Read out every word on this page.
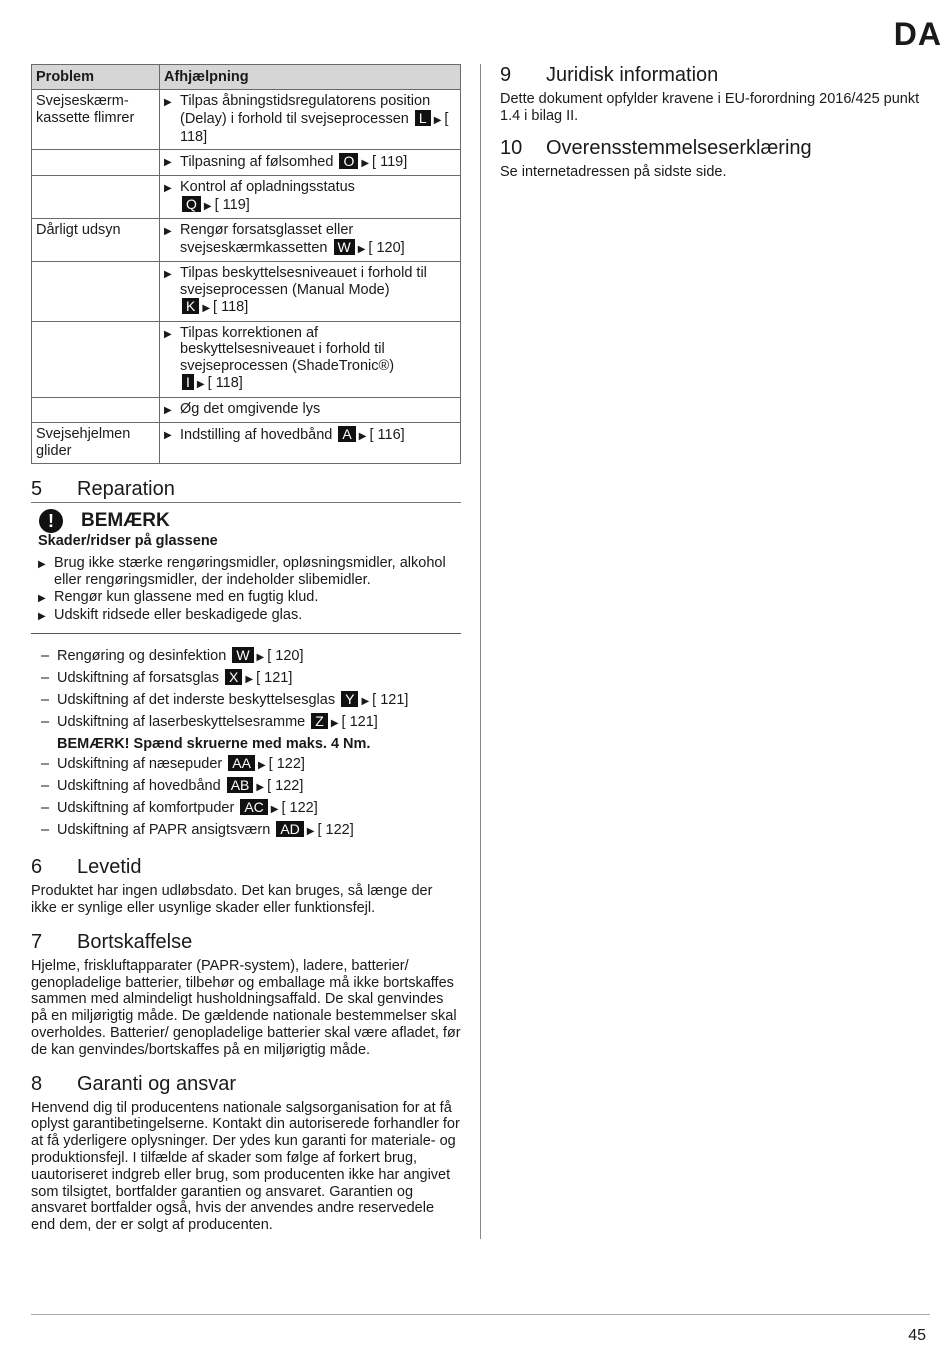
DA
Problem	Afhjælpning
Svejseskærm-
kassette flimrer	▶ Tilpas åbningstidsregulatorens position (Delay) i forhold til svejseprocessen L ▶ [ 118]

	▶ Tilpasning af følsomhed O ▶ [ 119]

	▶ Kontrol af opladningsstatus
Q ▶ [ 119]

Dårligt udsyn	▶ Rengør forsatsglasset eller svejseskærmkassetten W ▶ [ 120]

	▶ Tilpas beskyttelsesniveauet i forhold til svejseprocessen (Manual Mode)
K ▶ [ 118]

	▶ Tilpas korrektionen af beskyttelsesniveauet i forhold til svejseprocessen (ShadeTronic®)
I ▶ [ 118]

	▶ Øg det omgivende lys

Svejsehjelmen glider	▶ Indstilling af hovedbånd A ▶ [ 116]
5	Reparation
!	BEMÆRK
Skader/ridser på glassene
▶ Brug ikke stærke rengøringsmidler, opløsningsmidler, alkohol eller rengøringsmidler, der indeholder slibemidler.
▶ Rengør kun glassene med en fugtig klud.
▶ Udskift ridsede eller beskadigede glas.
– Rengøring og desinfektion W ▶ [ 120]
– Udskiftning af forsatsglas X ▶ [ 121]
– Udskiftning af det inderste beskyttelsesglas Y ▶ [ 121]
– Udskiftning af laserbeskyttelsesramme Z ▶ [ 121]
BEMÆRK! Spænd skruerne med maks. 4 Nm.
– Udskiftning af næsepuder AA ▶ [ 122]
– Udskiftning af hovedbånd AB ▶ [ 122]
– Udskiftning af komfortpuder AC ▶ [ 122]
– Udskiftning af PAPR ansigtsværn AD ▶ [ 122]
6	Levetid

Produktet har ingen udløbsdato. Det kan bruges, så længe der ikke er synlige eller usynlige skader eller funktionsfejl.

7	Bortskaffelse

Hjelme, friskluftapparater (PAPR-system), ladere, batterier/ genopladelige batterier, tilbehør og emballage må ikke bortskaffes sammen med almindeligt husholdningsaffald. De skal genvindes på en miljørigtig måde. De gældende nationale bestemmelser skal overholdes. Batterier/ genopladelige batterier skal være afladet, før de kan genvindes/bortskaffes på en miljørigtig måde.

8	Garanti og ansvar

Henvend dig til producentens nationale salgsorganisation for at få oplyst garantibetingelserne. Kontakt din autoriserede forhandler for at få yderligere oplysninger. Der ydes kun garanti for materiale- og produktionsfejl. I tilfælde af skader som følge af forkert brug, uautoriseret indgreb eller brug, som producenten ikke har angivet som tilsigtet, bortfalder garantien og ansvaret. Garantien og ansvaret bortfalder også, hvis der anvendes andre reservedele end dem, der er solgt af producenten.

9	Juridisk information

Dette dokument opfylder kravene i EU-forordning 2016/425 punkt 1.4 i bilag II.

10	Overensstemmelseserklæring

Se internetadressen på sidste side.

45
